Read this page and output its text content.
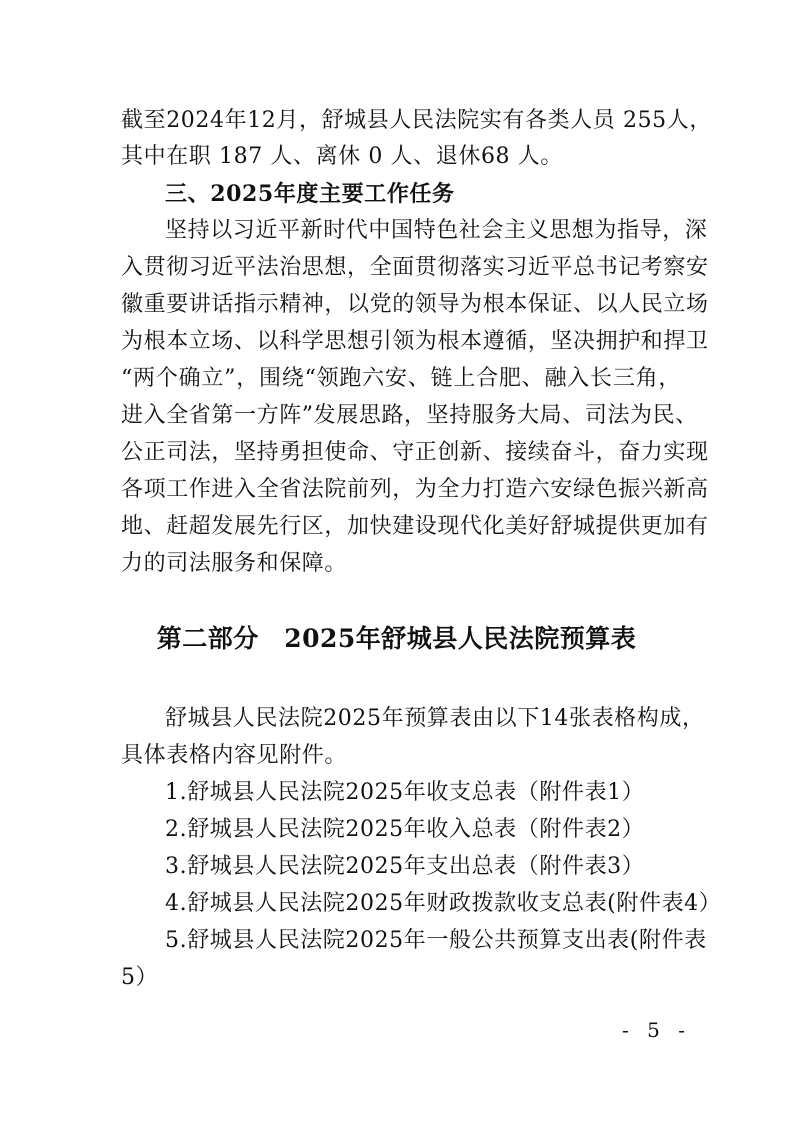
截至2024年12月，舒城县人民法院实有各类人员 255人，
其中在职 187 人、离休 0 人、退休68 人。
三、2025年度主要工作任务
坚持以习近平新时代中国特色社会主义思想为指导，深
入贯彻习近平法治思想，全面贯彻落实习近平总书记考察安
徽重要讲话指示精神，以党的领导为根本保证、以人民立场
为根本立场、以科学思想引领为根本遵循，坚决拥护和捍卫
“两个确立”，围绕“领跑六安、链上合肥、融入长三角，
进入全省第一方阵”发展思路，坚持服务大局、司法为民、
公正司法，坚持勇担使命、守正创新、接续奋斗，奋力实现
各项工作进入全省法院前列，为全力打造六安绿色振兴新高
地、赶超发展先行区，加快建设现代化美好舒城提供更加有
力的司法服务和保障。
第二部分　2025年舒城县人民法院预算表
舒城县人民法院2025年预算表由以下14张表格构成，
具体表格内容见附件。
1.舒城县人民法院2025年收支总表（附件表1）
2.舒城县人民法院2025年收入总表（附件表2）
3.舒城县人民法院2025年支出总表（附件表3）
4.舒城县人民法院2025年财政拨款收支总表(附件表4）
5.舒城县人民法院2025年一般公共预算支出表(附件表
5）
- 5 -
